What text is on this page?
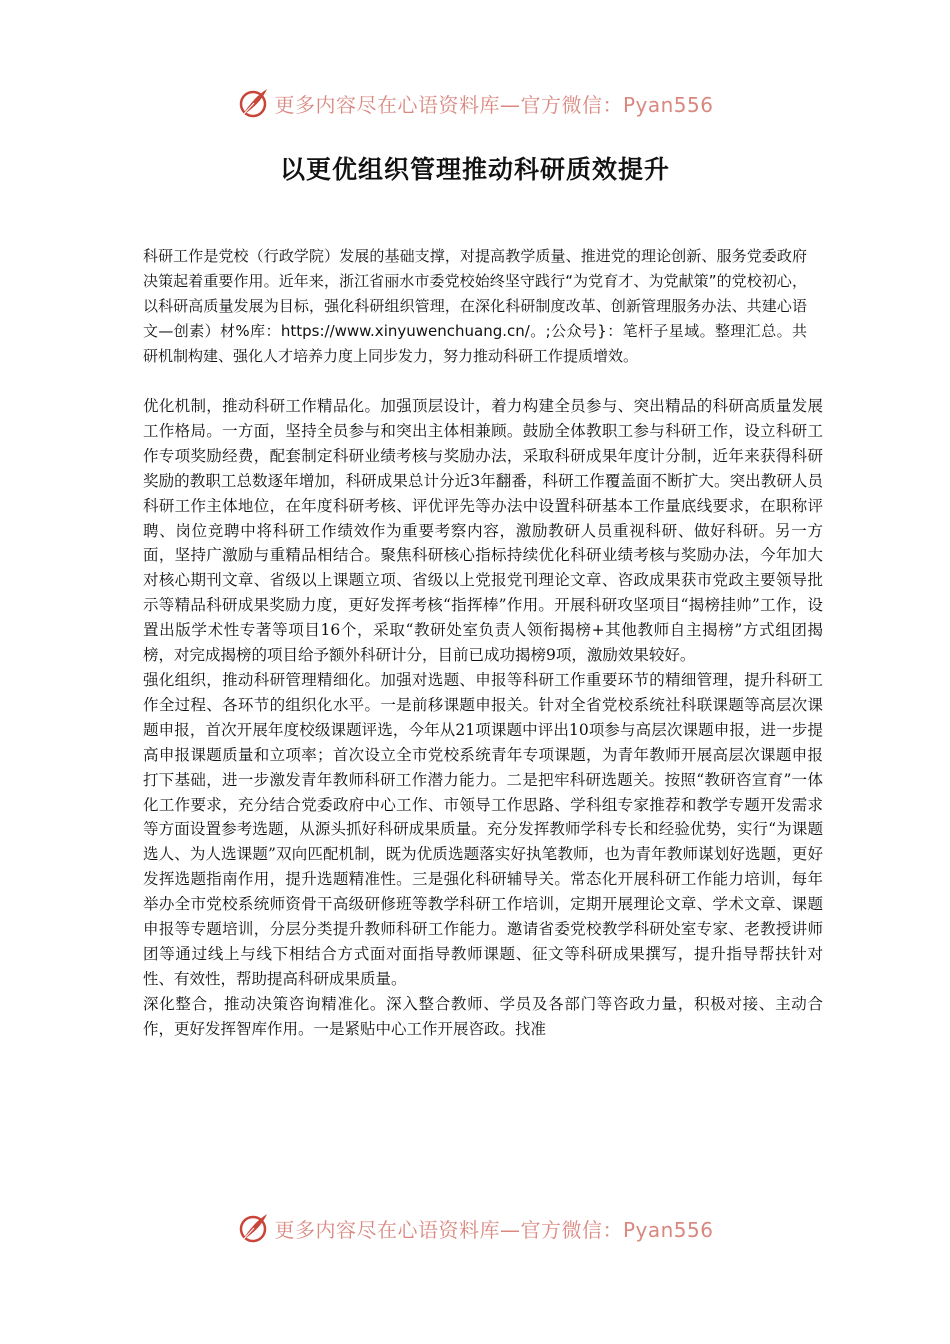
更多内容尽在心语资料库—官方微信：Pyan556
以更优组织管理推动科研质效提升

科研工作是党校（行政学院）发展的基础支撑，对提高教学质量、推进党的理论创新、服务党委政府决策起着重要作用。近年来，浙江省丽水市委党校始终坚守践行“为党育才、为党献策”的党校初心，以科研高质量发展为目标，强化科研组织管理，在深化科研制度改革、创新管理服务办法、共建心语文—创素）材%库：https://www.xinyuwenchuang.cn/。;公众号}：笔杆子星域。整理汇总。共研机制构建、强化人才培养力度上同步发力，努力推动科研工作提质增效。

优化机制，推动科研工作精品化。加强顶层设计，着力构建全员参与、突出精品的科研高质量发展工作格局。一方面，坚持全员参与和突出主体相兼顾。鼓励全体教职工参与科研工作，设立科研工作专项奖励经费，配套制定科研业绩考核与奖励办法，采取科研成果年度计分制，近年来获得科研奖励的教职工总数逐年增加，科研成果总计分近3年翻番，科研工作覆盖面不断扩大。突出教研人员科研工作主体地位，在年度科研考核、评优评先等办法中设置科研基本工作量底线要求，在职称评聘、岗位竞聘中将科研工作绩效作为重要考察内容，激励教研人员重视科研、做好科研。另一方面，坚持广激励与重精品相结合。聚焦科研核心指标持续优化科研业绩考核与奖励办法，今年加大对核心期刊文章、省级以上课题立项、省级以上党报党刊理论文章、咨政成果获市党政主要领导批示等精品科研成果奖励力度，更好发挥考核“指挥棒”作用。开展科研攻坚项目“揭榜挂帅”工作，设置出版学术性专著等项目16个，采取“教研处室负责人领衔揭榜+其他教师自主揭榜”方式组团揭榜，对完成揭榜的项目给予额外科研计分，目前已成功揭榜9项，激励效果较好。

强化组织，推动科研管理精细化。加强对选题、申报等科研工作重要环节的精细管理，提升科研工作全过程、各环节的组织化水平。一是前移课题申报关。针对全省党校系统社科联课题等高层次课题申报，首次开展年度校级课题评选，今年从21项课题中评出10项参与高层次课题申报，进一步提高申报课题质量和立项率；首次设立全市党校系统青年专项课题，为青年教师开展高层次课题申报打下基础，进一步激发青年教师科研工作潜力能力。二是把牢科研选题关。按照“教研咨宣育”一体化工作要求，充分结合党委政府中心工作、市领导工作思路、学科组专家推荐和教学专题开发需求等方面设置参考选题，从源头抓好科研成果质量。充分发挥教师学科专长和经验优势，实行“为课题选人、为人选课题”双向匹配机制，既为优质选题落实好执笔教师，也为青年教师谋划好选题，更好发挥选题指南作用，提升选题精准性。三是强化科研辅导关。常态化开展科研工作能力培训，每年举办全市党校系统师资骨干高级研修班等教学科研工作培训，定期开展理论文章、学术文章、课题申报等专题培训，分层分类提升教师科研工作能力。邀请省委党校教学科研处室专家、老教授讲师团等通过线上与线下相结合方式面对面指导教师课题、征文等科研成果撰写，提升指导帮扶针对性、有效性，帮助提高科研成果质量。

深化整合，推动决策咨询精准化。深入整合教师、学员及各部门等咨政力量，积极对接、主动合作，更好发挥智库作用。一是紧贴中心工作开展咨政。找准

更多内容尽在心语资料库—官方微信：Pyan556
